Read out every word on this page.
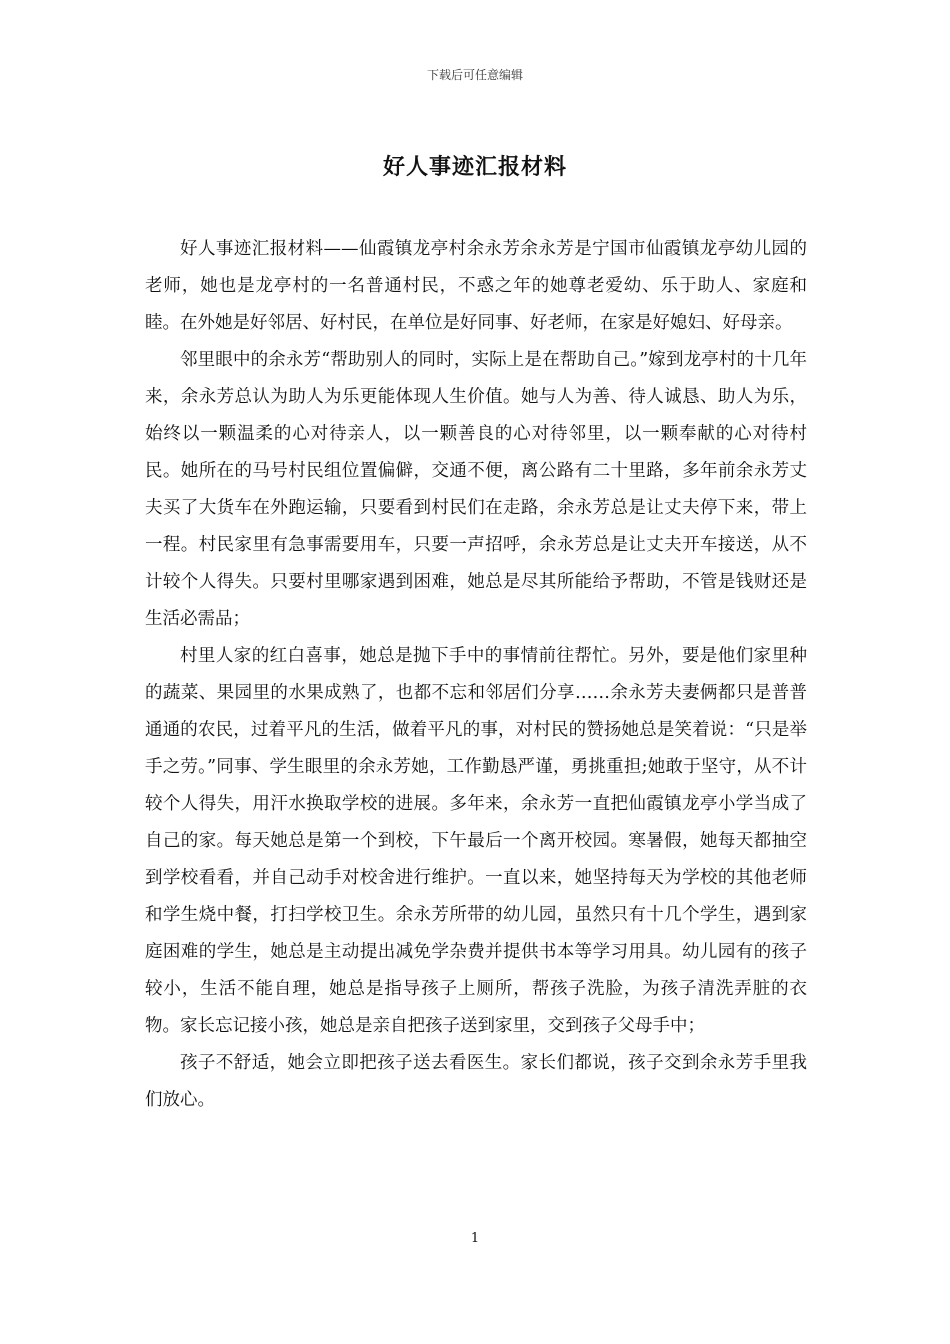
下载后可任意编辑
好人事迹汇报材料

好人事迹汇报材料——仙霞镇龙亭村余永芳余永芳是宁国市仙霞镇龙亭幼儿园的老师，她也是龙亭村的一名普通村民，不惑之年的她尊老爱幼、乐于助人、家庭和睦。在外她是好邻居、好村民，在单位是好同事、好老师，在家是好媳妇、好母亲。

邻里眼中的余永芳“帮助别人的同时，实际上是在帮助自己。”嫁到龙亭村的十几年来，余永芳总认为助人为乐更能体现人生价值。她与人为善、待人诚恳、助人为乐，始终以一颗温柔的心对待亲人，以一颗善良的心对待邻里，以一颗奉献的心对待村民。她所在的马号村民组位置偏僻，交通不便，离公路有二十里路，多年前余永芳丈夫买了大货车在外跑运输，只要看到村民们在走路，余永芳总是让丈夫停下来，带上一程。村民家里有急事需要用车，只要一声招呼，余永芳总是让丈夫开车接送，从不计较个人得失。只要村里哪家遇到困难，她总是尽其所能给予帮助，不管是钱财还是生活必需品；

村里人家的红白喜事，她总是抛下手中的事情前往帮忙。另外，要是他们家里种的蔬菜、果园里的水果成熟了，也都不忘和邻居们分享……余永芳夫妻俩都只是普普通通的农民，过着平凡的生活，做着平凡的事，对村民的赞扬她总是笑着说：“只是举手之劳。”同事、学生眼里的余永芳她，工作勤恳严谨，勇挑重担;她敢于坚守，从不计较个人得失，用汗水换取学校的进展。多年来，余永芳一直把仙霞镇龙亭小学当成了自己的家。每天她总是第一个到校，下午最后一个离开校园。寒暑假，她每天都抽空到学校看看，并自己动手对校舍进行维护。一直以来，她坚持每天为学校的其他老师和学生烧中餐，打扫学校卫生。余永芳所带的幼儿园，虽然只有十几个学生，遇到家庭困难的学生，她总是主动提出减免学杂费并提供书本等学习用具。幼儿园有的孩子较小，生活不能自理，她总是指导孩子上厕所，帮孩子洗脸，为孩子清洗弄脏的衣物。家长忘记接小孩，她总是亲自把孩子送到家里，交到孩子父母手中；

孩子不舒适，她会立即把孩子送去看医生。家长们都说，孩子交到余永芳手里我们放心。

1
